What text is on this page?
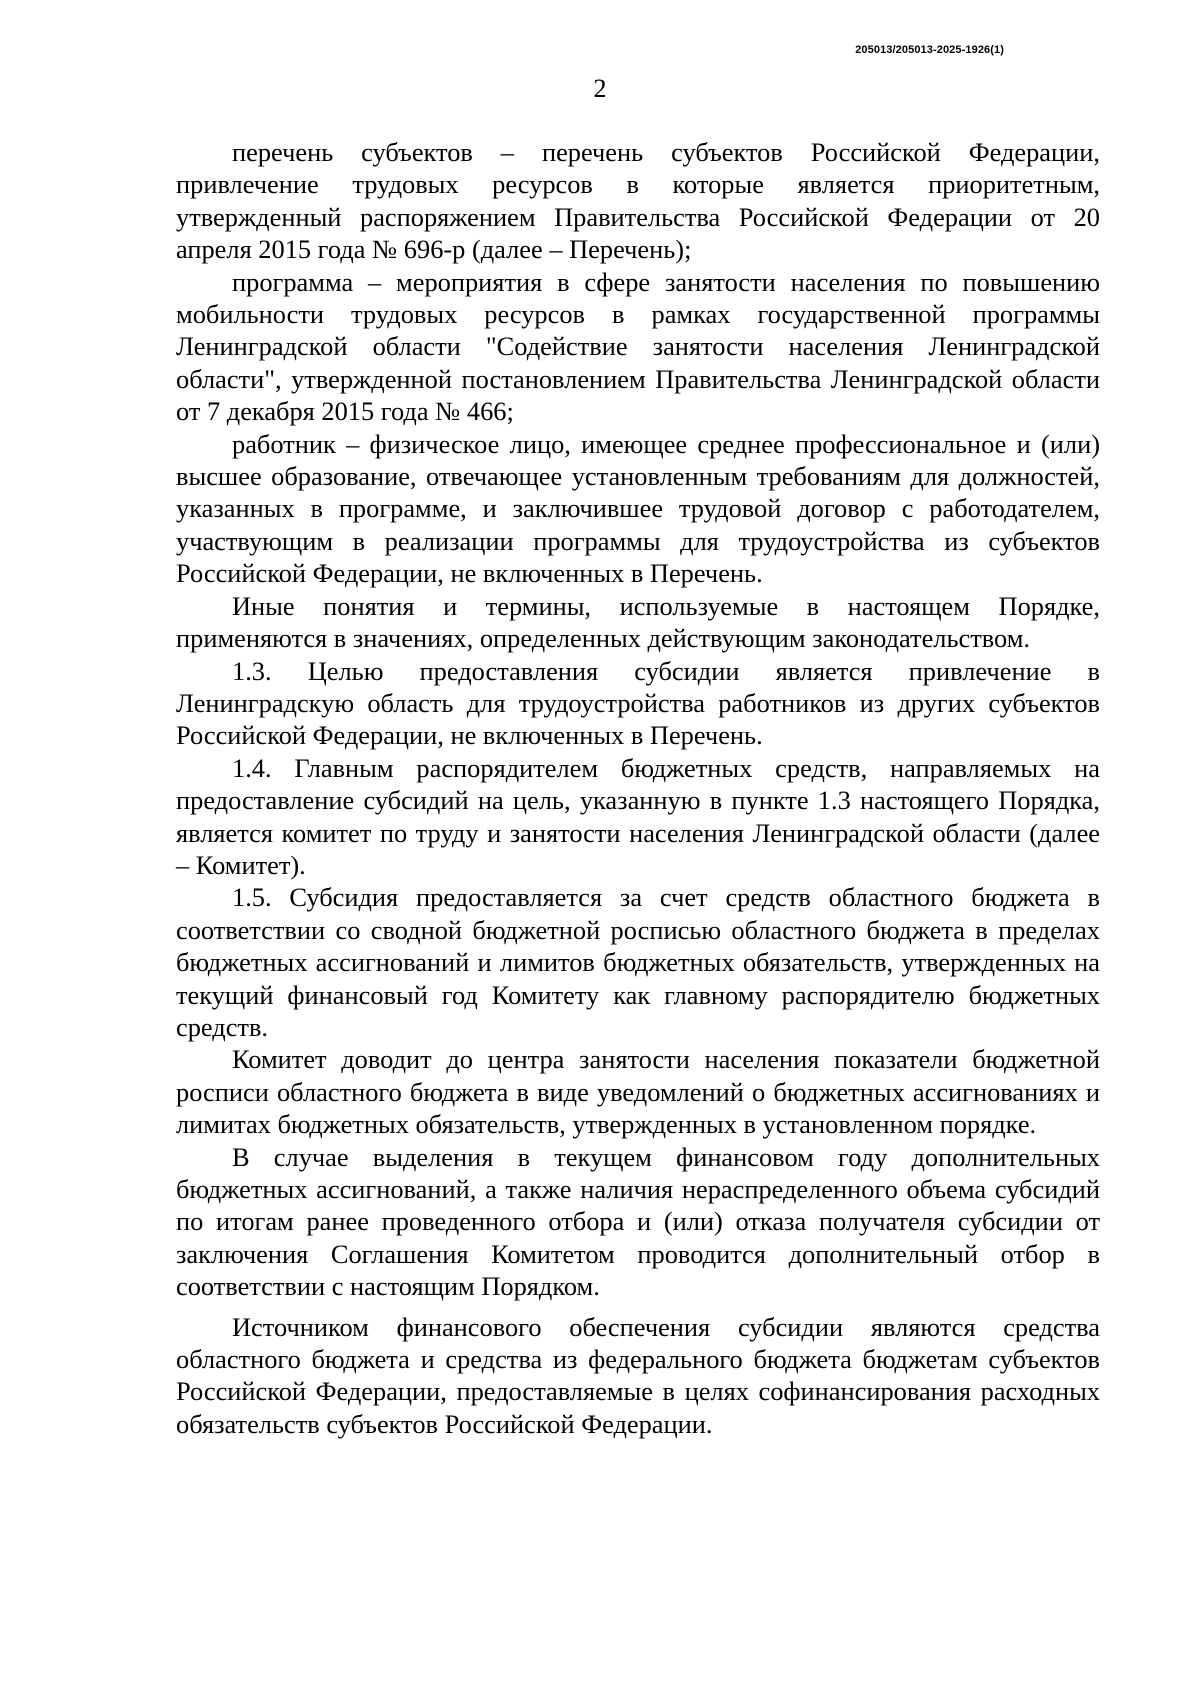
205013/205013-2025-1926(1)
2

перечень субъектов – перечень субъектов Российской Федерации, привлечение трудовых ресурсов в которые является приоритетным, утвержденный распоряжением Правительства Российской Федерации от 20 апреля 2015 года № 696-р (далее – Перечень);

программа – мероприятия в сфере занятости населения по повышению мобильности трудовых ресурсов в рамках государственной программы Ленинградской области "Содействие занятости населения Ленинградской области", утвержденной постановлением Правительства Ленинградской области от 7 декабря 2015 года № 466;

работник – физическое лицо, имеющее среднее профессиональное и (или) высшее образование, отвечающее установленным требованиям для должностей, указанных в программе, и заключившее трудовой договор с работодателем, участвующим в реализации программы для трудоустройства из субъектов Российской Федерации, не включенных в Перечень.

Иные понятия и термины, используемые в настоящем Порядке, применяются в значениях, определенных действующим законодательством.

1.3. Целью предоставления субсидии является привлечение в Ленинградскую область для трудоустройства работников из других субъектов Российской Федерации, не включенных в Перечень.

1.4. Главным распорядителем бюджетных средств, направляемых на предоставление субсидий на цель, указанную в пункте 1.3 настоящего Порядка, является комитет по труду и занятости населения Ленинградской области (далее – Комитет).

1.5. Субсидия предоставляется за счет средств областного бюджета в соответствии со сводной бюджетной росписью областного бюджета в пределах бюджетных ассигнований и лимитов бюджетных обязательств, утвержденных на текущий финансовый год Комитету как главному распорядителю бюджетных средств.

Комитет доводит до центра занятости населения показатели бюджетной росписи областного бюджета в виде уведомлений о бюджетных ассигнованиях и лимитах бюджетных обязательств, утвержденных в установленном порядке.

В случае выделения в текущем финансовом году дополнительных бюджетных ассигнований, а также наличия нераспределенного объема субсидий по итогам ранее проведенного отбора и (или) отказа получателя субсидии от заключения Соглашения Комитетом проводится дополнительный отбор в соответствии с настоящим Порядком.

Источником финансового обеспечения субсидии являются средства областного бюджета и средства из федерального бюджета бюджетам субъектов Российской Федерации, предоставляемые в целях софинансирования расходных обязательств субъектов Российской Федерации.
